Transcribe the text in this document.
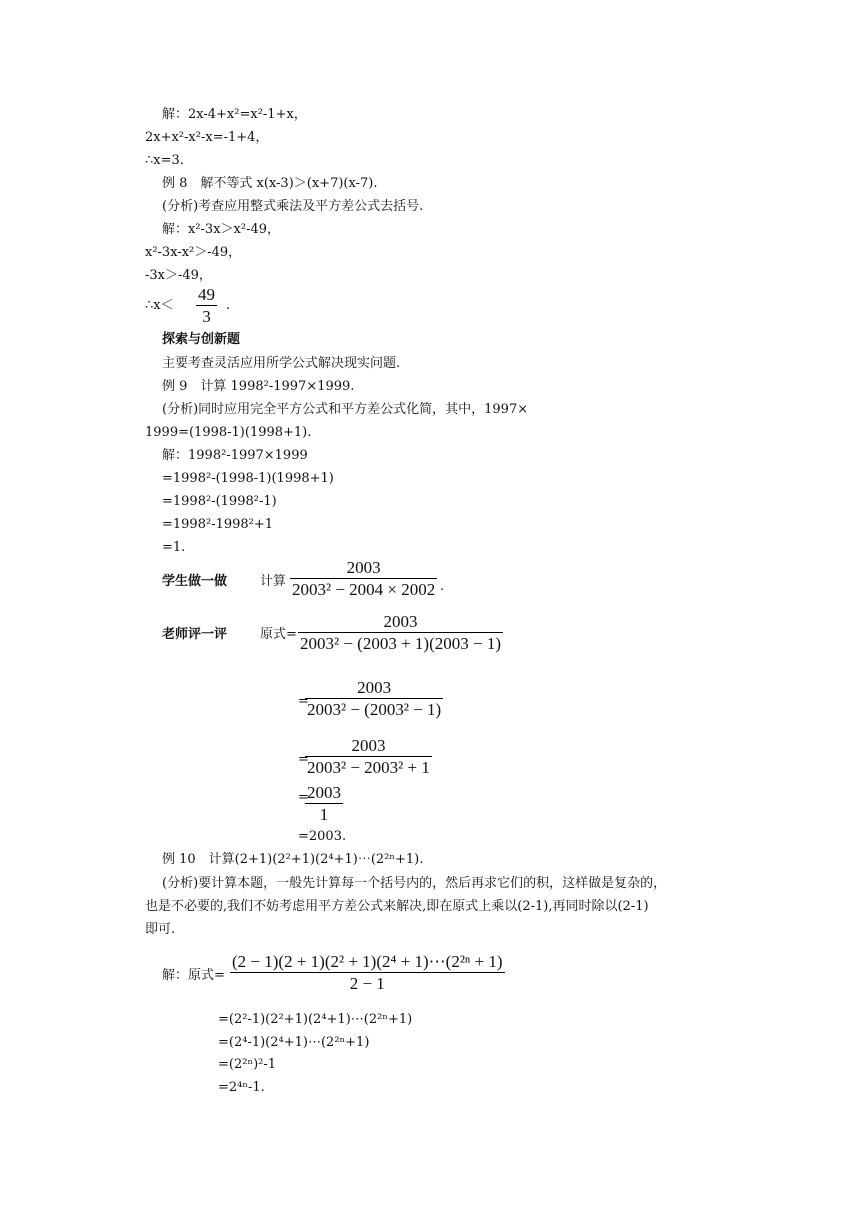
解：2x-4+x²=x²-1+x，
2x+x²-x²-x=-1+4，
∴x=3.
例 8　解不等式 x(x-3)＞(x+7)(x-7).
(分析)考查应用整式乘法及平方差公式去括号.
解：x²-3x＞x²-49，
x²-3x-x²＞-49，
-3x＞-49，
∴x＜
49
3
.
探索与创新题
主要考查灵活应用所学公式解决现实问题.
例 9　计算 1998²-1997×1999.
(分析)同时应用完全平方公式和平方差公式化简，其中，1997×
1999=(1998-1)(1998+1).
解：1998²-1997×1999
=1998²-(1998-1)(1998+1)
=1998²-(1998²-1)
=1998²-1998²+1
=1.
学生做一做	计算
2003
2003² − 2004 × 2002 .
老师评一评	原式=
2003
2003² − (2003 + 1)(2003 − 1)
=
2003
2003² − (2003² − 1)
=
2003
2003² − 2003² + 1
=
2003
1
=2003.
例 10　计算(2+1)(2²+1)(2⁴+1)⋯(2²ⁿ+1).
(分析)要计算本题，一般先计算每一个括号内的，然后再求它们的积，这样做是复杂的，
也是不必要的,我们不妨考虑用平方差公式来解决,即在原式上乘以(2-1),再同时除以(2-1)
即可.
解：原式=
(2 − 1)(2 + 1)(2² + 1)(2⁴ + 1)⋯(2²ⁿ + 1)
2 − 1
=(2²-1)(2²+1)(2⁴+1)⋯(2²ⁿ+1)
=(2⁴-1)(2⁴+1)⋯(2²ⁿ+1)
=(2²ⁿ)²-1
=2⁴ⁿ-1.
